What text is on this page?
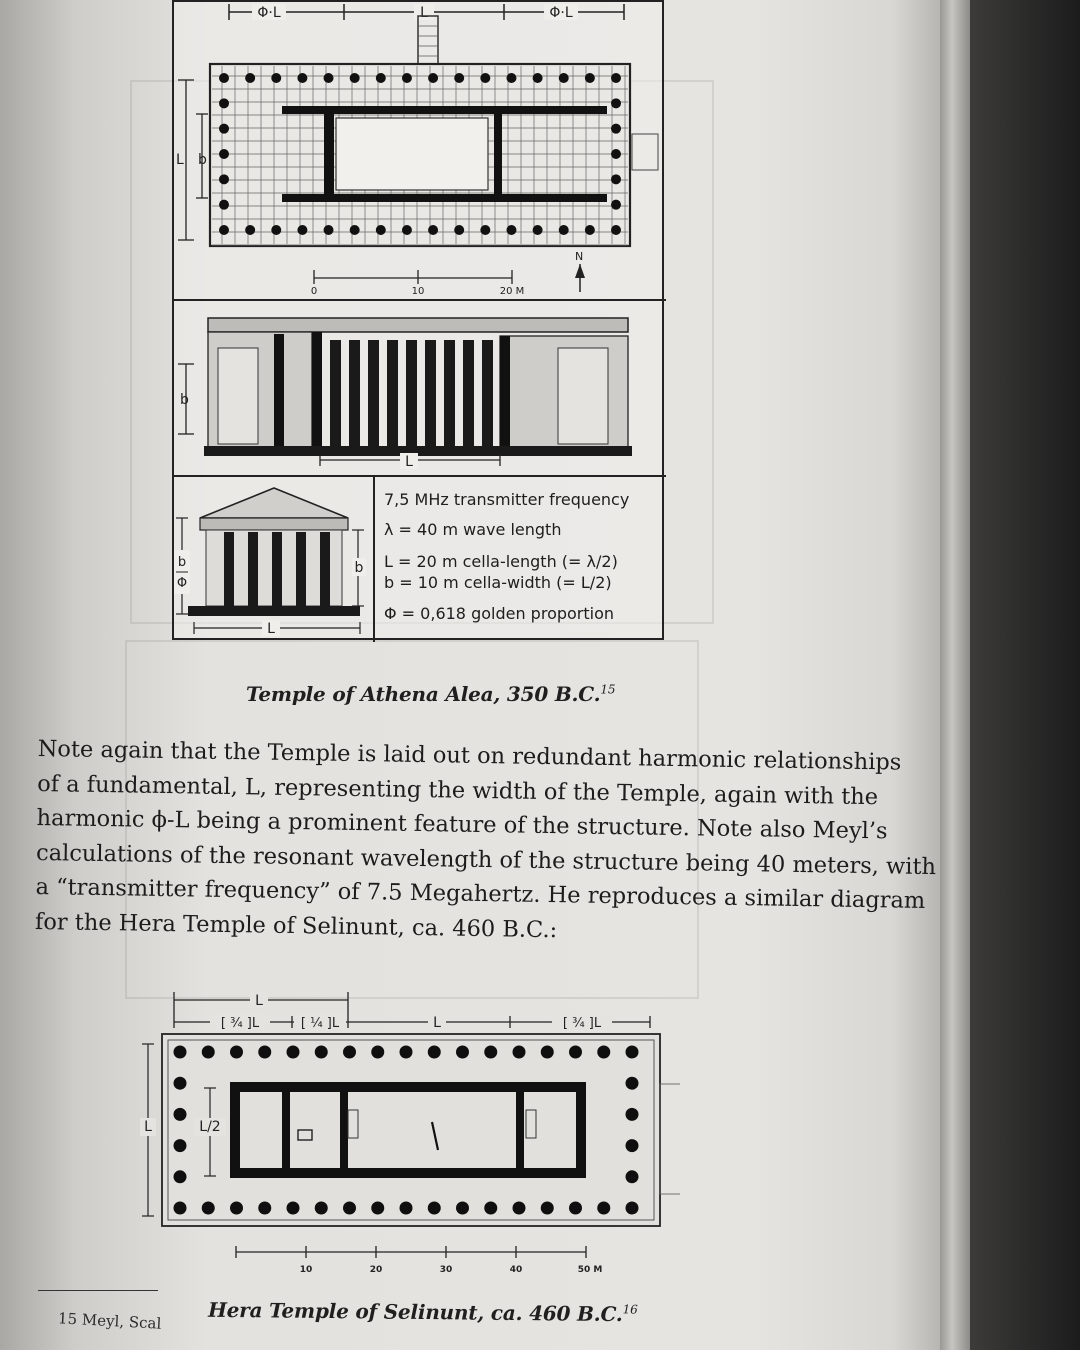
Φ·L	L	Φ·L
L b
0	10	20 M
N
b
L
b
Φ
b
L
7,5 MHz transmitter frequency
λ = 40 m wave length
L = 20 m cella-length (= λ/2)
b = 10 m cella-width (= L/2)
Φ = 0,618 golden proportion
Temple of Athena Alea, 350 B.C.$^{15}$
Note again that the Temple is laid out on redundant harmonic relationships
of a fundamental, L, representing the width of the Temple, again with the
harmonic ϕ-L being a prominent feature of the structure. Note also Meyl’s
calculations of the resonant wavelength of the structure being 40 meters, with
a “transmitter frequency” of 7.5 Megahertz. He reproduces a similar diagram
for the Hera Temple of Selinunt, ca. 460 B.C.:
L
[ ¾ ]L	[ ¼ ]L	L	[ ¾ ]L
L	L/2
10	20	30	40	50 M
Hera Temple of Selinunt, ca. 460 B.C.$^{16}$
15 Meyl, Scal
